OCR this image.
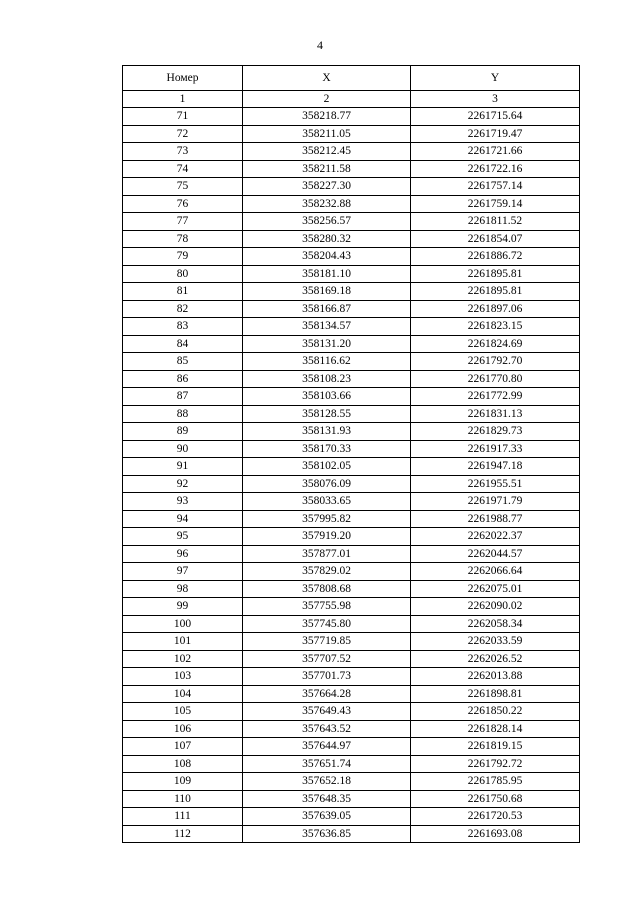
4
Номер	X	Y
1	2	3
71	358218.77	2261715.64
72	358211.05	2261719.47
73	358212.45	2261721.66
74	358211.58	2261722.16
75	358227.30	2261757.14
76	358232.88	2261759.14
77	358256.57	2261811.52
78	358280.32	2261854.07
79	358204.43	2261886.72
80	358181.10	2261895.81
81	358169.18	2261895.81
82	358166.87	2261897.06
83	358134.57	2261823.15
84	358131.20	2261824.69
85	358116.62	2261792.70
86	358108.23	2261770.80
87	358103.66	2261772.99
88	358128.55	2261831.13
89	358131.93	2261829.73
90	358170.33	2261917.33
91	358102.05	2261947.18
92	358076.09	2261955.51
93	358033.65	2261971.79
94	357995.82	2261988.77
95	357919.20	2262022.37
96	357877.01	2262044.57
97	357829.02	2262066.64
98	357808.68	2262075.01
99	357755.98	2262090.02
100	357745.80	2262058.34
101	357719.85	2262033.59
102	357707.52	2262026.52
103	357701.73	2262013.88
104	357664.28	2261898.81
105	357649.43	2261850.22
106	357643.52	2261828.14
107	357644.97	2261819.15
108	357651.74	2261792.72
109	357652.18	2261785.95
110	357648.35	2261750.68
111	357639.05	2261720.53
112	357636.85	2261693.08
